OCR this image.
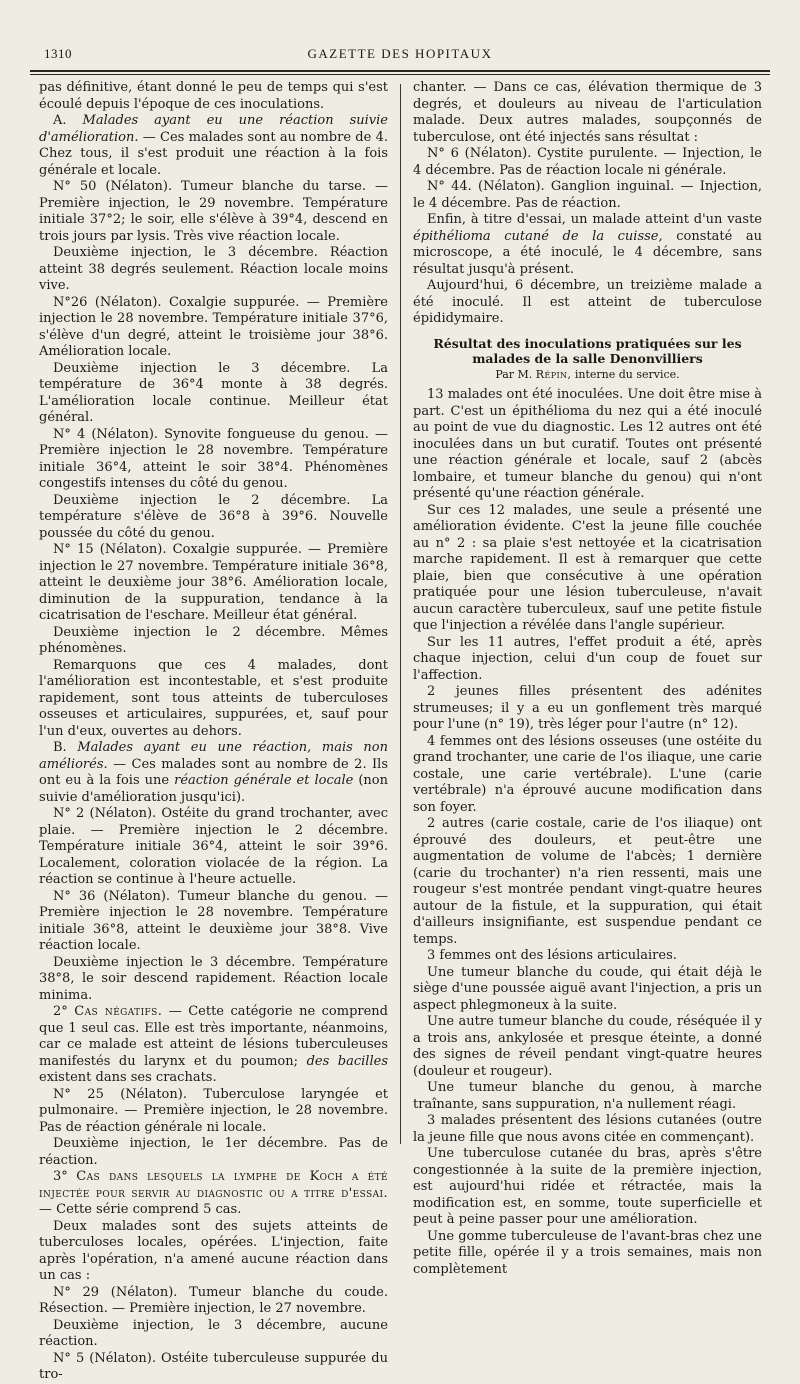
1310	GAZETTE DES HOPITAUX

pas définitive, étant donné le peu de temps qui s'est écoulé depuis l'époque de ces inoculations.

A. Malades ayant eu une réaction suivie d'amélioration. — Ces malades sont au nombre de 4. Chez tous, il s'est produit une réaction à la fois générale et locale.

N° 50 (Nélaton). Tumeur blanche du tarse. — Première injection, le 29 novembre. Température initiale 37°2; le soir, elle s'élève à 39°4, descend en trois jours par lysis. Très vive réaction locale.

Deuxième injection, le 3 décembre. Réaction atteint 38 degrés seulement. Réaction locale moins vive.

N°26 (Nélaton). Coxalgie suppurée. — Première injection le 28 novembre. Température initiale 37°6, s'élève d'un degré, atteint le troisième jour 38°6. Amélioration locale.

Deuxième injection le 3 décembre. La température de 36°4 monte à 38 degrés. L'amélioration locale continue. Meilleur état général.

N° 4 (Nélaton). Synovite fongueuse du genou. — Première injection le 28 novembre. Température initiale 36°4, atteint le soir 38°4. Phénomènes congestifs intenses du côté du genou.

Deuxième injection le 2 décembre. La température s'élève de 36°8 à 39°6. Nouvelle poussée du côté du genou.

N° 15 (Nélaton). Coxalgie suppurée. — Première injection le 27 novembre. Température initiale 36°8, atteint le deuxième jour 38°6. Amélioration locale, diminution de la suppuration, tendance à la cicatrisation de l'eschare. Meilleur état général.

Deuxième injection le 2 décembre. Mêmes phénomènes.

Remarquons que ces 4 malades, dont l'amélioration est incontestable, et s'est produite rapidement, sont tous atteints de tuberculoses osseuses et articulaires, suppurées, et, sauf pour l'un d'eux, ouvertes au dehors.

B. Malades ayant eu une réaction, mais non améliorés. — Ces malades sont au nombre de 2. Ils ont eu à la fois une réaction générale et locale (non suivie d'amélioration jusqu'ici).

N° 2 (Nélaton). Ostéite du grand trochanter, avec plaie. — Première injection le 2 décembre. Température initiale 36°4, atteint le soir 39°6. Localement, coloration violacée de la région. La réaction se continue à l'heure actuelle.

N° 36 (Nélaton). Tumeur blanche du genou. — Première injection le 28 novembre. Température initiale 36°8, atteint le deuxième jour 38°8. Vive réaction locale.

Deuxième injection le 3 décembre. Température 38°8, le soir descend rapidement. Réaction locale minima.

2° Cas négatifs. — Cette catégorie ne comprend que 1 seul cas. Elle est très importante, néanmoins, car ce malade est atteint de lésions tuberculeuses manifestés du larynx et du poumon; des bacilles existent dans ses crachats.

N° 25 (Nélaton). Tuberculose laryngée et pulmonaire. — Première injection, le 28 novembre. Pas de réaction générale ni locale.

Deuxième injection, le 1er décembre. Pas de réaction.

3° Cas dans lesquels la lymphe de Koch a été injectée pour servir au diagnostic ou a titre d'essai. — Cette série comprend 5 cas.

Deux malades sont des sujets atteints de tuberculoses locales, opérées. L'injection, faite après l'opération, n'a amené aucune réaction dans un cas :

N° 29 (Nélaton). Tumeur blanche du coude. Résection. — Première injection, le 27 novembre.

Deuxième injection, le 3 décembre, aucune réaction.

N° 5 (Nélaton). Ostéite tuberculeuse suppurée du tro-

chanter. — Dans ce cas, élévation thermique de 3 degrés, et douleurs au niveau de l'articulation malade. Deux autres malades, soupçonnés de tuberculose, ont été injectés sans résultat :

N° 6 (Nélaton). Cystite purulente. — Injection, le 4 décembre. Pas de réaction locale ni générale.

N° 44. (Nélaton). Ganglion inguinal. — Injection, le 4 décembre. Pas de réaction.

Enfin, à titre d'essai, un malade atteint d'un vaste épithélioma cutané de la cuisse, constaté au microscope, a été inoculé, le 4 décembre, sans résultat jusqu'à présent.

Aujourd'hui, 6 décembre, un treizième malade a été inoculé. Il est atteint de tuberculose épididymaire.

Résultat des inoculations pratiquées sur les malades de la salle Denonvilliers
Par M. Répin, interne du service.

13 malades ont été inoculées. Une doit être mise à part. C'est un épithélioma du nez qui a été inoculé au point de vue du diagnostic. Les 12 autres ont été inoculées dans un but curatif. Toutes ont présenté une réaction générale et locale, sauf 2 (abcès lombaire, et tumeur blanche du genou) qui n'ont présenté qu'une réaction générale.

Sur ces 12 malades, une seule a présenté une amélioration évidente. C'est la jeune fille couchée au n° 2 : sa plaie s'est nettoyée et la cicatrisation marche rapidement. Il est à remarquer que cette plaie, bien que consécutive à une opération pratiquée pour une lésion tuberculeuse, n'avait aucun caractère tuberculeux, sauf une petite fistule que l'injection a révélée dans l'angle supérieur.

Sur les 11 autres, l'effet produit a été, après chaque injection, celui d'un coup de fouet sur l'affection.

2 jeunes filles présentent des adénites strumeuses; il y a eu un gonflement très marqué pour l'une (n° 19), très léger pour l'autre (n° 12).

4 femmes ont des lésions osseuses (une ostéite du grand trochanter, une carie de l'os iliaque, une carie costale, une carie vertébrale). L'une (carie vertébrale) n'a éprouvé aucune modification dans son foyer.

2 autres (carie costale, carie de l'os iliaque) ont éprouvé des douleurs, et peut-être une augmentation de volume de l'abcès; 1 dernière (carie du trochanter) n'a rien ressenti, mais une rougeur s'est montrée pendant vingt-quatre heures autour de la fistule, et la suppuration, qui était d'ailleurs insignifiante, est suspendue pendant ce temps.

3 femmes ont des lésions articulaires.

Une tumeur blanche du coude, qui était déjà le siège d'une poussée aiguë avant l'injection, a pris un aspect phlegmoneux à la suite.

Une autre tumeur blanche du coude, réséquée il y a trois ans, ankylosée et presque éteinte, a donné des signes de réveil pendant vingt-quatre heures (douleur et rougeur).

Une tumeur blanche du genou, à marche traînante, sans suppuration, n'a nullement réagi.

3 malades présentent des lésions cutanées (outre la jeune fille que nous avons citée en commençant).

Une tuberculose cutanée du bras, après s'être congestionnée à la suite de la première injection, est aujourd'hui ridée et rétractée, mais la modification est, en somme, toute superficielle et peut à peine passer pour une amélioration.

Une gomme tuberculeuse de l'avant-bras chez une petite fille, opérée il y a trois semaines, mais non complètement
